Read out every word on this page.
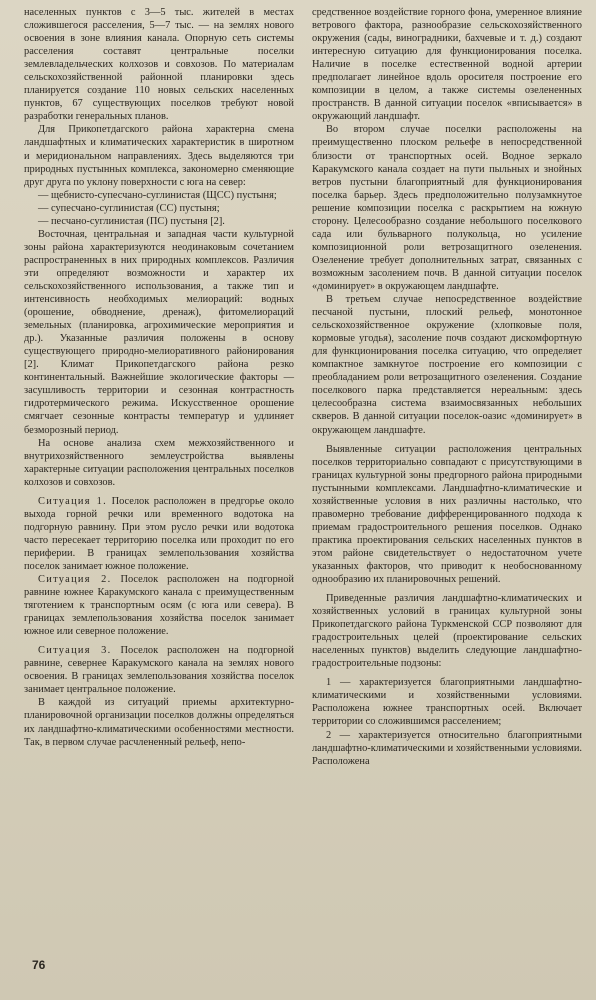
населенных пунктов с 3—5 тыс. жителей в местах сложившегося расселения, 5—7 тыс. — на землях нового освоения в зоне влияния канала. Опорную сеть системы расселения составят центральные поселки землевладельческих колхозов и совхозов. По материалам сельскохозяйственной районной планировки здесь планируется создание 110 новых сельских населенных пунктов, 67 существующих поселков требуют новой разработки генеральных планов.

Для Прикопетдагского района характерна смена ландшафтных и климатических характеристик в широтном и меридиональном направлениях. Здесь выделяются три природных пустынных комплекса, закономерно сменяющие друг друга по уклону поверхности с юга на север:

— щебнисто-супесчано-суглинистая (ЩСС) пустыня;

— супесчано-суглинистая (СС) пустыня;

— песчано-суглинистая (ПС) пустыня [2].

Восточная, центральная и западная части культурной зоны района характеризуются неодинаковым сочетанием распространенных в них природных комплексов. Различия эти определяют возможности и характер их сельскохозяйственного использования, а также тип и интенсивность необходимых мелиораций: водных (орошение, обводнение, дренаж), фитомелиораций земельных (планировка, агрохимические мероприятия и др.). Указанные различия положены в основу существующего природно-мелиоративного районирования [2]. Климат Прикопетдагского района резко континентальный. Важнейшие экологические факторы — засушливость территории и сезонная контрастность гидротермического режима. Искусственное орошение смягчает сезонные контрасты температур и удлиняет безморозный период.

На основе анализа схем межхозяйственного и внутрихозяйственного землеустройства выявлены характерные ситуации расположения центральных поселков колхозов и совхозов.

Ситуация 1. Поселок расположен в предгорье около выхода горной речки или временного водотока на подгорную равнину. При этом русло речки или водотока часто пересекает территорию поселка или проходит по его периферии. В границах землепользования хозяйства поселок занимает южное положение.

Ситуация 2. Поселок расположен на подгорной равнине южнее Каракумского канала с преимущественным тяготением к транспортным осям (с юга или севера). В границах землепользования хозяйства поселок занимает южное или северное положение.

Ситуация 3. Поселок расположен на подгорной равнине, севернее Каракумского канала на землях нового освоения. В границах землепользования хозяйства поселок занимает центральное положение.

В каждой из ситуаций приемы архитектурно-планировочной организации поселков должны определяться их ландшафтно-климатическими особенностями местности. Так, в первом случае расчлененный рельеф, непо-

средственное воздействие горного фона, умеренное влияние ветрового фактора, разнообразие сельскохозяйственного окружения (сады, виноградники, бахчевые и т. д.) создают интересную ситуацию для функционирования поселка. Наличие в поселке естественной водной артерии предполагает линейное вдоль оросителя построение его композиции в целом, а также системы озелененных пространств. В данной ситуации поселок «вписывается» в окружающий ландшафт.

Во втором случае поселки расположены на преимущественно плоском рельефе в непосредственной близости от транспортных осей. Водное зеркало Каракумского канала создает на пути пыльных и знойных ветров пустыни благоприятный для функционирования поселка барьер. Здесь предположительно полузамкнутое решение композиции поселка с раскрытием на южную сторону. Целесообразно создание небольшого поселкового сада или бульварного полукольца, но усиление композиционной роли ветрозащитного озеленения. Озеленение требует дополнительных затрат, связанных с возможным засолением почв. В данной ситуации поселок «доминирует» в окружающем ландшафте.

В третьем случае непосредственное воздействие песчаной пустыни, плоский рельеф, монотонное сельскохозяйственное окружение (хлопковые поля, кормовые угодья), засоление почв создают дискомфортную для функционирования поселка ситуацию, что определяет компактное замкнутое построение его композиции с преобладанием роли ветрозащитного озеленения. Создание поселкового парка представляется нереальным: здесь целесообразна система взаимосвязанных небольших скверов. В данной ситуации поселок-оазис «доминирует» в окружающем ландшафте.

Выявленные ситуации расположения центральных поселков территориально совпадают с присутствующими в границах культурной зоны предгорного района природными пустынными комплексами. Ландшафтно-климатические и хозяйственные условия в них различны настолько, что правомерно требование дифференцированного подхода к приемам градостроительного решения поселков. Однако практика проектирования сельских населенных пунктов в этом районе свидетельствует о недостаточном учете указанных факторов, что приводит к необоснованному однообразию их планировочных решений.

Приведенные различия ландшафтно-климатических и хозяйственных условий в границах культурной зоны Прикопетдагского района Туркменской ССР позволяют для градостроительных целей (проектирование сельских населенных пунктов) выделить следующие ландшафтно-градостроительные подзоны:

1 — характеризуется благоприятными ландшафтно-климатическими и хозяйственными условиями. Расположена южнее транспортных осей. Включает территории со сложившимся расселением;

2 — характеризуется относительно благоприятными ландшафтно-климатическими и хозяйственными условиями. Расположена

76
